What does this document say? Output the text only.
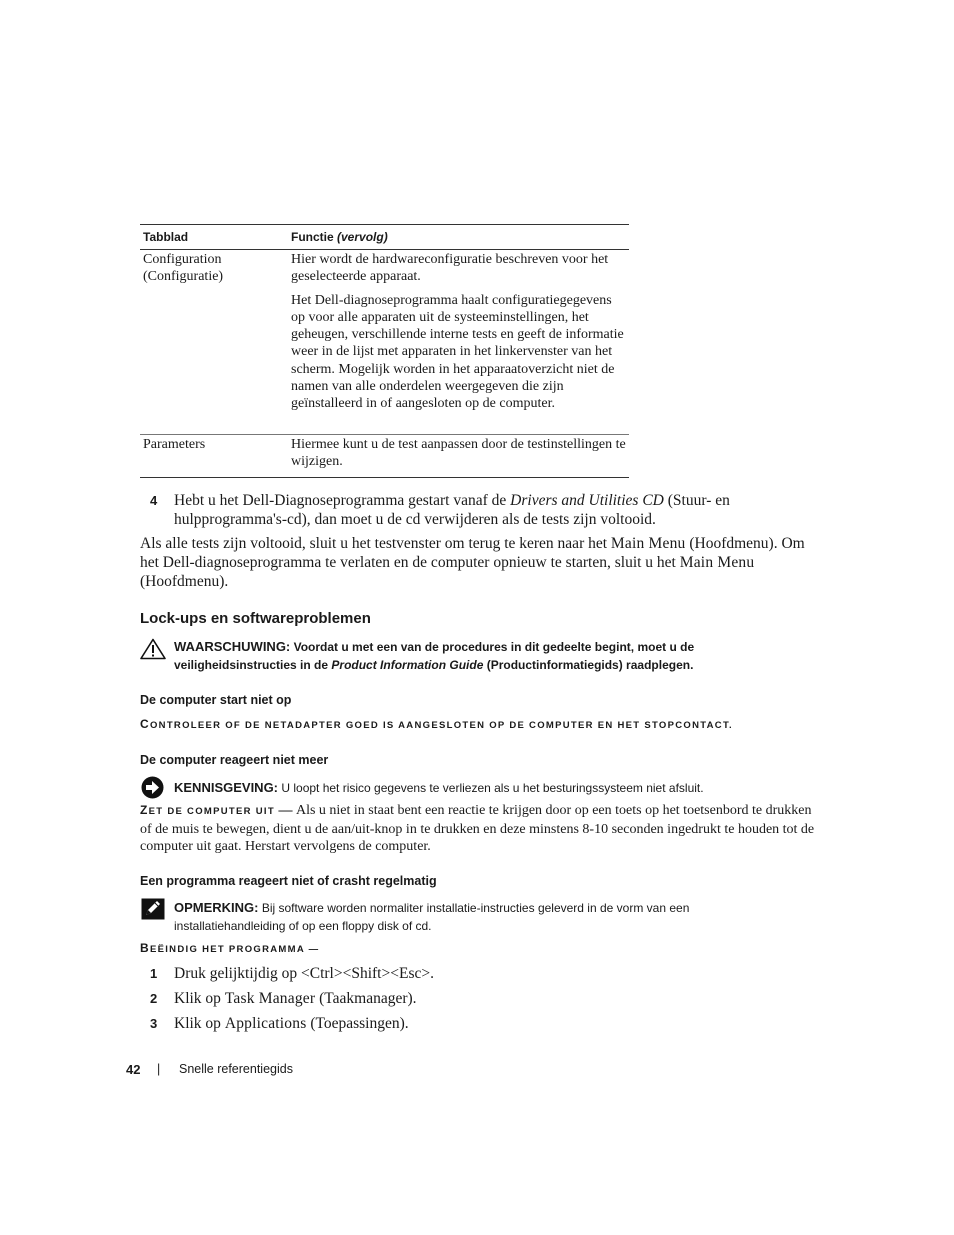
Tabblad	Functie (vervolg)
Configuration (Configuratie)
Hier wordt de hardwareconfiguratie beschreven voor het geselecteerde apparaat.
Het Dell-diagnoseprogramma haalt configuratiegegevens op voor alle apparaten uit de systeeminstellingen, het geheugen, verschillende interne tests en geeft de informatie weer in de lijst met apparaten in het linkervenster van het scherm. Mogelijk worden in het apparaatoverzicht niet de namen van alle onderdelen weergegeven die zijn geïnstalleerd in of aangesloten op de computer.
Parameters	Hiermee kunt u de test aanpassen door de testinstellingen te wijzigen.
4 Hebt u het Dell-Diagnoseprogramma gestart vanaf de Drivers and Utilities CD (Stuur- en hulpprogramma's-cd), dan moet u de cd verwijderen als de tests zijn voltooid.
Als alle tests zijn voltooid, sluit u het testvenster om terug te keren naar het Main Menu (Hoofdmenu). Om het Dell-diagnoseprogramma te verlaten en de computer opnieuw te starten, sluit u het Main Menu (Hoofdmenu).
Lock-ups en softwareproblemen
WAARSCHUWING: Voordat u met een van de procedures in dit gedeelte begint, moet u de veiligheidsinstructies in de Product Information Guide (Productinformatiegids) raadplegen.
De computer start niet op
CONTROLEER OF DE NETADAPTER GOED IS AANGESLOTEN OP DE COMPUTER EN HET STOPCONTACT.
De computer reageert niet meer
KENNISGEVING: U loopt het risico gegevens te verliezen als u het besturingssysteem niet afsluit.
ZET DE COMPUTER UIT — Als u niet in staat bent een reactie te krijgen door op een toets op het toetsenbord te drukken of de muis te bewegen, dient u de aan/uit-knop in te drukken en deze minstens 8-10 seconden ingedrukt te houden tot de computer uit gaat. Herstart vervolgens de computer.
Een programma reageert niet of crasht regelmatig
OPMERKING: Bij software worden normaliter installatie-instructies geleverd in de vorm van een installatiehandleiding of op een floppy disk of cd.
BEËINDIG HET PROGRAMMA —
1 Druk gelijktijdig op <Ctrl><Shift><Esc>.
2 Klik op Task Manager (Taakmanager).
3 Klik op Applications (Toepassingen).
42 | Snelle referentiegids
